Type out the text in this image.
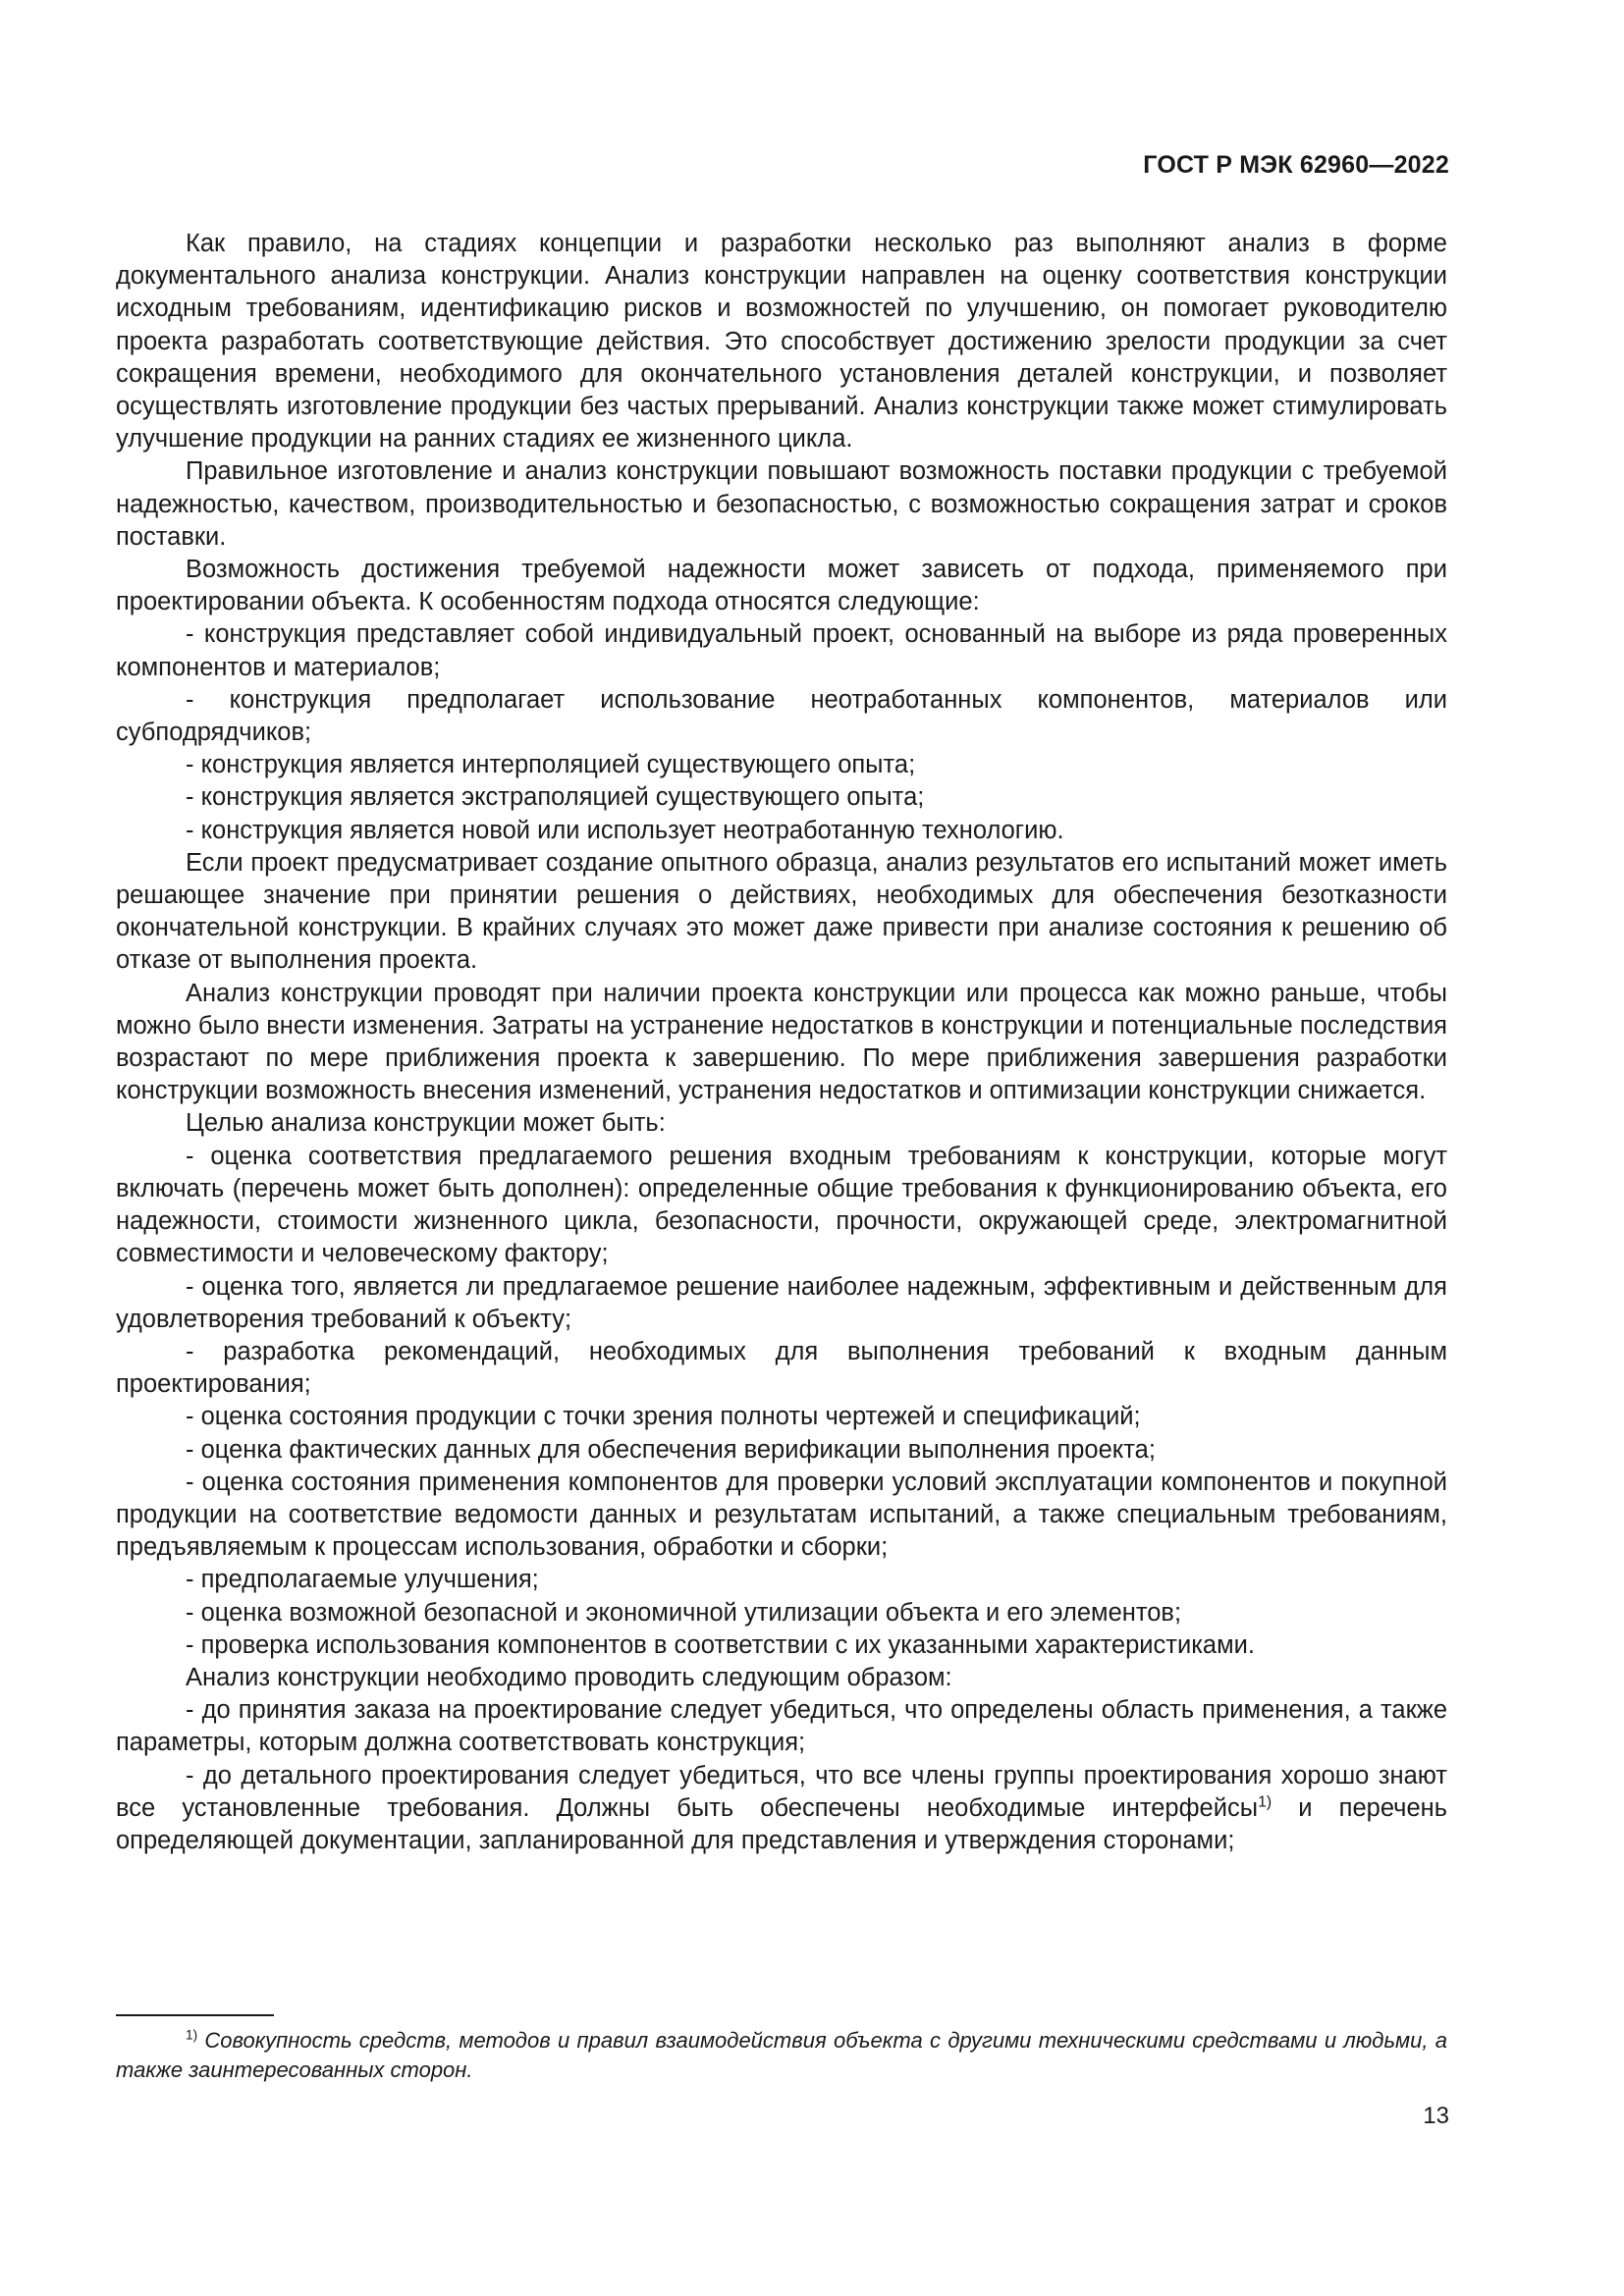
ГОСТ Р МЭК 62960—2022

Как правило, на стадиях концепции и разработки несколько раз выполняют анализ в форме документального анализа конструкции. Анализ конструкции направлен на оценку соответствия конструкции исходным требованиям, идентификацию рисков и возможностей по улучшению, он помогает руководителю проекта разработать соответствующие действия. Это способствует достижению зрелости продукции за счет сокращения времени, необходимого для окончательного установления деталей конструкции, и позволяет осуществлять изготовление продукции без частых прерываний. Анализ конструкции также может стимулировать улучшение продукции на ранних стадиях ее жизненного цикла.

Правильное изготовление и анализ конструкции повышают возможность поставки продукции с требуемой надежностью, качеством, производительностью и безопасностью, с возможностью сокращения затрат и сроков поставки.

Возможность достижения требуемой надежности может зависеть от подхода, применяемого при проектировании объекта. К особенностям подхода относятся следующие:

- конструкция представляет собой индивидуальный проект, основанный на выборе из ряда проверенных компонентов и материалов;

- конструкция предполагает использование неотработанных компонентов, материалов или субподрядчиков;

- конструкция является интерполяцией существующего опыта;

- конструкция является экстраполяцией существующего опыта;

- конструкция является новой или использует неотработанную технологию.

Если проект предусматривает создание опытного образца, анализ результатов его испытаний может иметь решающее значение при принятии решения о действиях, необходимых для обеспечения безотказности окончательной конструкции. В крайних случаях это может даже привести при анализе состояния к решению об отказе от выполнения проекта.

Анализ конструкции проводят при наличии проекта конструкции или процесса как можно раньше, чтобы можно было внести изменения. Затраты на устранение недостатков в конструкции и потенциальные последствия возрастают по мере приближения проекта к завершению. По мере приближения завершения разработки конструкции возможность внесения изменений, устранения недостатков и оптимизации конструкции снижается.

Целью анализа конструкции может быть:

- оценка соответствия предлагаемого решения входным требованиям к конструкции, которые могут включать (перечень может быть дополнен): определенные общие требования к функционированию объекта, его надежности, стоимости жизненного цикла, безопасности, прочности, окружающей среде, электромагнитной совместимости и человеческому фактору;

- оценка того, является ли предлагаемое решение наиболее надежным, эффективным и действенным для удовлетворения требований к объекту;

- разработка рекомендаций, необходимых для выполнения требований к входным данным проектирования;

- оценка состояния продукции с точки зрения полноты чертежей и спецификаций;

- оценка фактических данных для обеспечения верификации выполнения проекта;

- оценка состояния применения компонентов для проверки условий эксплуатации компонентов и покупной продукции на соответствие ведомости данных и результатам испытаний, а также специальным требованиям, предъявляемым к процессам использования, обработки и сборки;

- предполагаемые улучшения;

- оценка возможной безопасной и экономичной утилизации объекта и его элементов;

- проверка использования компонентов в соответствии с их указанными характеристиками.

Анализ конструкции необходимо проводить следующим образом:

- до принятия заказа на проектирование следует убедиться, что определены область применения, а также параметры, которым должна соответствовать конструкция;

- до детального проектирования следует убедиться, что все члены группы проектирования хорошо знают все установленные требования. Должны быть обеспечены необходимые интерфейсы$^{1)}$ и перечень определяющей документации, запланированной для представления и утверждения сторонами;

$^{1)}$ Совокупность средств, методов и правил взаимодействия объекта с другими техническими средствами и людьми, а также заинтересованных сторон.

13
